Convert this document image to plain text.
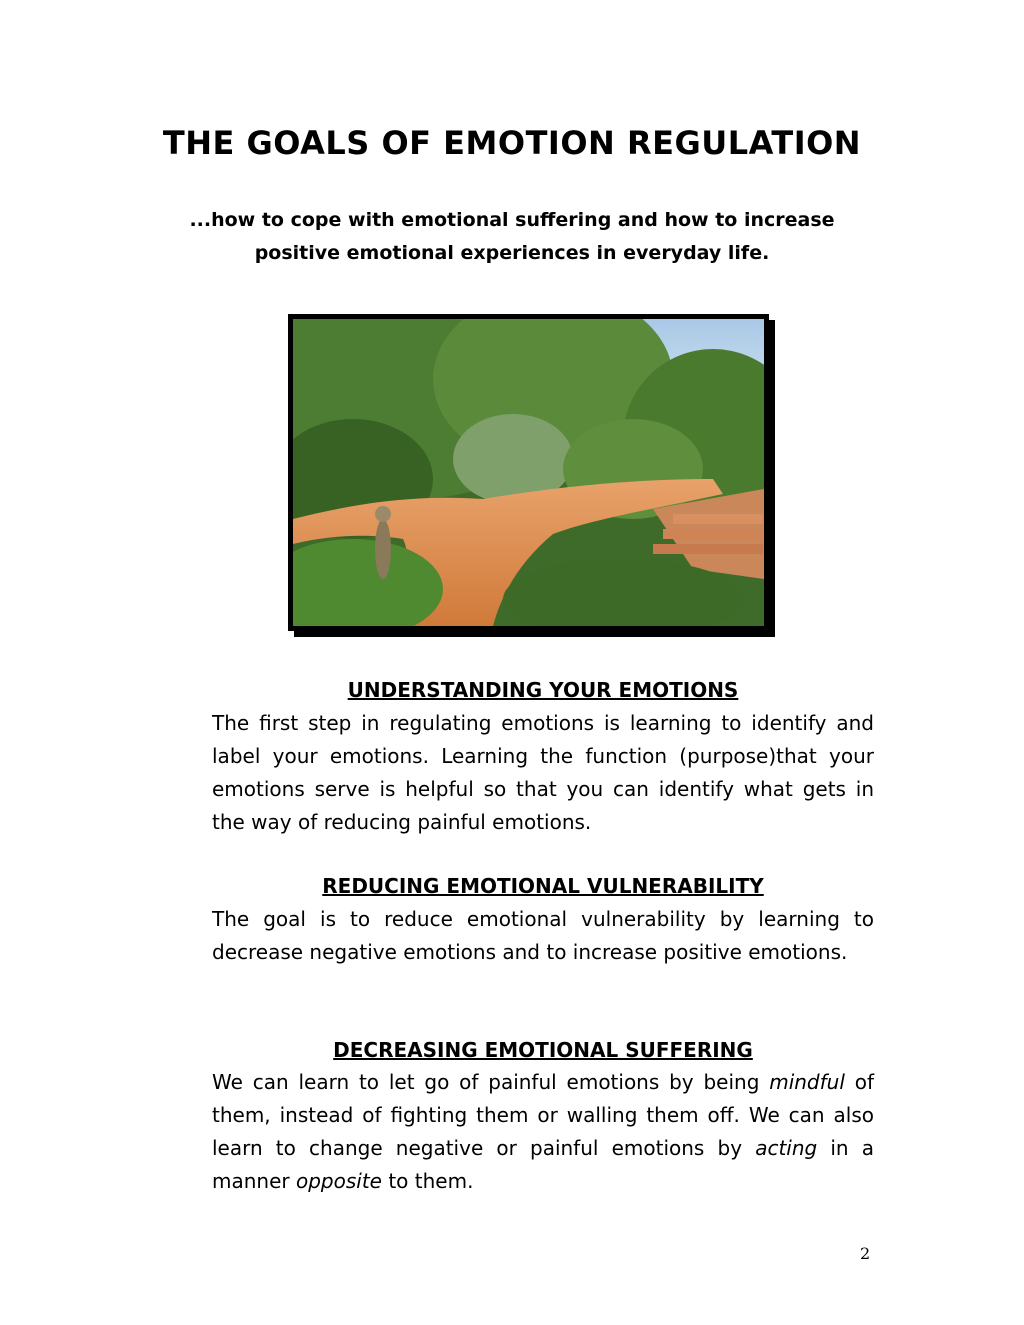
THE GOALS OF EMOTION REGULATION

...how to cope with emotional suffering and how to increase positive emotional experiences in everyday life.

UNDERSTANDING YOUR EMOTIONS

The first step in regulating emotions is learning to identify and label your emotions. Learning the function (purpose)that your emotions serve is helpful so that you can identify what gets in the way of reducing painful emotions.

REDUCING EMOTIONAL VULNERABILITY

The goal is to reduce emotional vulnerability by learning to decrease negative emotions and to increase positive emotions.

DECREASING EMOTIONAL SUFFERING

We can learn to let go of painful emotions by being mindful of them, instead of fighting them or walling them off. We can also learn to change negative or painful emotions by acting in a manner opposite to them.

2
